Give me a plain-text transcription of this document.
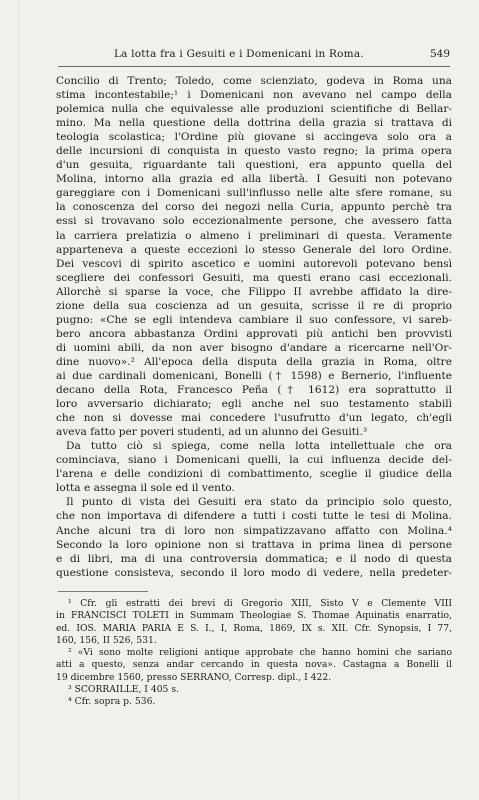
La lotta fra i Gesuiti e i Domenicani in Roma.	549
Concilio di Trento; Toledo, come scienziato, godeva in Roma una
stima incontestabile;¹ i Domenicani non avevano nel campo della
polemica nulla che equivalesse alle produzioni scientifiche di Bellar-
mino. Ma nella questione della dottrina della grazia si trattava di
teologia scolastica; l'Ordine più giovane si accingeva solo ora a
delle incursioni di conquista in questo vasto regno; la prima opera
d'un gesuita, riguardante tali questioni, era appunto quella del
Molina, intorno alla grazia ed alla libertà. I Gesuiti non potevano
gareggiare con i Domenicani sull'influsso nelle alte sfere romane, su
la conoscenza del corso dei negozi nella Curia, appunto perchè tra
essi si trovavano solo eccezionalmente persone, che avessero fatta
la carriera prelatizia o almeno i preliminari di questa. Veramente
apparteneva a queste eccezioni lo stesso Generale del loro Ordine.
Dei vescovi di spirito ascetico e uomini autorevoli potevano bensì
scegliere dei confessori Gesuiti, ma questi erano casi eccezionali.
Allorchè si sparse la voce, che Filippo II avrebbe affidato la dire-
zione della sua coscienza ad un gesuita, scrisse il re di proprio
pugno: «Che se egli intendeva cambiare il suo confessore, vi sareb-
bero ancora abbastanza Ordini approvati più antichi ben provvisti
di uomini abili, da non aver bisogno d'andare a ricercarne nell'Or-
dine nuovo».² All'epoca della disputa della grazia in Roma, oltre
ai due cardinali domenicani, Bonelli († 1598) e Bernerio, l'influente
decano della Rota, Francesco Peña († 1612) era soprattutto il
loro avversario dichiarato; egli anche nel suo testamento stabilì
che non si dovesse mai concedere l'usufrutto d'un legato, ch'egli
aveva fatto per poveri studenti, ad un alunno dei Gesuiti.³
Da tutto ciò si spiega, come nella lotta intellettuale che ora
cominciava, siano i Domenicani quelli, la cui influenza decide del-
l'arena e delle condizioni di combattimento, sceglie il giudice della
lotta e assegna il sole ed il vento.
Il punto di vista dei Gesuiti era stato da principio solo questo,
che non importava di difendere a tutti i costi tutte le tesi di Molina.
Anche alcuni tra di loro non simpatizzavano affatto con Molina.⁴
Secondo la loro opinione non si trattava in prima linea di persone
e di libri, ma di una controversia dommatica; e il nodo di questa
questione consisteva, secondo il loro modo di vedere, nella predeter-
¹ Cfr. gli estratti dei brevi di Gregorio XIII, Sisto V e Clemente VIII
in FRANCISCI TOLETI in Summam Theologiae S. Thomae Aquinatis enarratio,
ed. IOS. MARIA PARIA E S. I., I, Roma, 1869, IX s. XII. Cfr. Synopsis, I 77,
160, 156, II 526, 531.
² «Vi sono molte religioni antique approbate che hanno homini che sariano
atti a questo, senza andar cercando in questa nova». Castagna a Bonelli il
19 dicembre 1560, presso SERRANO, Corresp. dipl., I 422.
³ SCORRAILLE, I 405 s.
⁴ Cfr. sopra p. 536.
